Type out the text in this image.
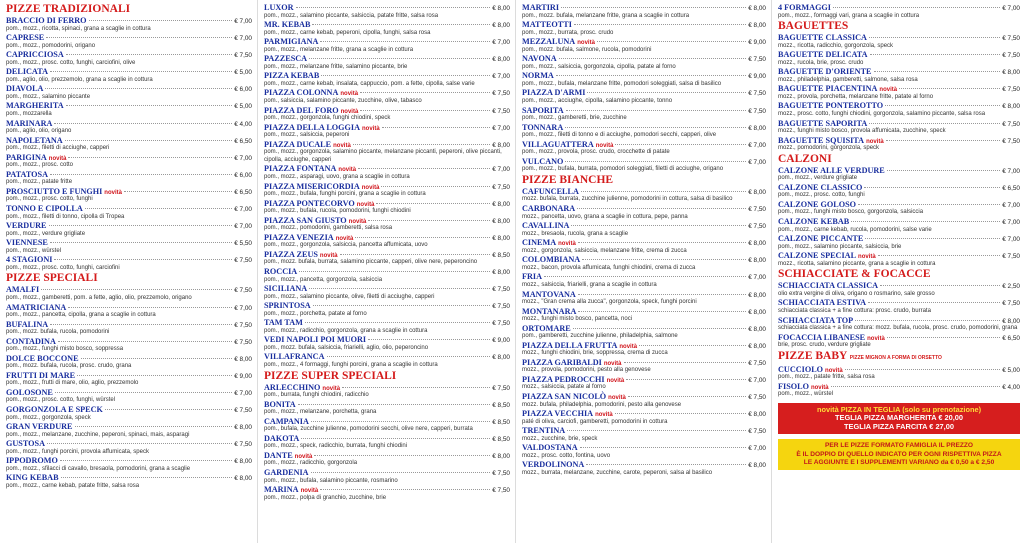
PIZZE TRADIZIONALI
BRACCIO DI FERRO	€ 7,00
pom., mozz., ricotta, spinaci, grana a scaglie in cottura
CAPRESE	€ 7,00
pom., mozz., pomodorini, origano
CAPRICCIOSA	€ 7,50
pom., mozz., prosc. cotto, funghi, carciofini, olive
DELICATA	€ 5,00
pom., aglio, olio, prezzemolo, grana a scaglie in cottura
DIAVOLA	€ 6,00
pom., mozz., salamino piccante
MARGHERITA	€ 5,00
pom., mozzarella
MARINARA	€ 4,00
pom., aglio, olio, origano
NAPOLETANA	€ 6,50
pom., mozz., filetti di acciughe, capperi
PARIGINA novità	€ 7,00
pom., mozz., prosc. cotto
PATATOSA	€ 6,00
pom., mozz., patate fritte
PROSCIUTTO E FUNGHI novità	€ 6,50
pom., mozz., prosc. cotto, funghi
TONNO E CIPOLLA	€ 7,00
pom., mozz., filetti di tonno, cipolla di Tropea
VERDURE	€ 7,00
pom., mozz., verdure grigliate
VIENNESE	€ 5,50
pom., mozz., würstel
4 STAGIONI	€ 7,50
pom., mozz., prosc. cotto, funghi, carciofini
PIZZE SPECIALI
AMALFI	€ 7,50
pom., mozz., gamberetti, pom. a fette, aglio, olio, prezzemolo, origano
AMATRICIANA	€ 7,00
pom., mozz., pancetta, cipolla, grana a scaglie in cottura
BUFALINA	€ 7,50
pom., mozz. bufala, rucola, pomodorini
CONTADINA	€ 7,50
pom., mozz., funghi misto bosco, soppressa
DOLCE BOCCONE	€ 8,00
pom., mozz. bufala, rucola, prosc. crudo, grana
FRUTTI DI MARE	€ 9,00
pom., mozz., frutti di mare, olio, aglio, prezzemolo
GOLOSONE	€ 7,00
pom., mozz., prosc. cotto, funghi, würstel
GORGONZOLA E SPECK	€ 7,50
pom., mozz., gorgonzola, speck
GRAN VERDURE	€ 8,00
pom., mozz., melanzane, zucchine, peperoni, spinaci, mais, asparagi
GUSTOSA	€ 7,50
pom., mozz., funghi porcini, provola affumicata, speck
IPPODROMO	€ 8,00
pom., mozz., sfilacci di cavallo, bresaola, pomodorini, grana a scaglie
KING KEBAB	€ 8,00
pom., mozz., carne kebab, patate fritte, salsa rosa
LUXOR	€ 8,00
pom., mozz., salamino piccante, salsiccia, patate fritte, salsa rosa
MR. KEBAB	€ 8,00
pom., mozz., carne kebab, peperoni, cipolla, funghi, salsa rosa
PARMIGIANA	€ 7,00
pom., mozz., melanzane fritte, grana a scaglie in cottura
PAZZESCA	€ 8,00
pom., mozz., melanzane fritte, salamino piccante, brie
PIZZA KEBAB	€ 7,00
pom., mozz., carne kebab, insalata, cappuccio, pom. a fette, cipolla, salse varie
PIAZZA COLONNA novità	€ 7,50
pom., salsiccia, salamino piccante, zucchine, olive, tabasco
PIAZZA DEL FORO novità	€ 7,50
pom., mozz., gorgonzola, funghi chiodini, speck
PIAZZA DELLA LOGGIA novità	€ 7,00
pom., mozz., salsiccia, peperoni
PIAZZA DUCALE novità	€ 8,00
pom., mozz., gorgonzola, salamino piccante, melanzane piccanti, peperoni, olive piccanti, cipolla, acciughe, capperi
PIAZZA FONTANA novità	€ 7,00
pom., mozz., asparagi, uovo, grana a scaglie in cottura
PIAZZA MISERICORDIA novità	€ 7,50
pom., mozz., bufala, funghi porcini, grana a scaglie in cottura
PIAZZA PONTECORVO novità	€ 8,00
pom., mozz., bufala, rucola, pomodorini, funghi chiodini
PIAZZA SAN GIUSTO novità	€ 8,00
pom., mozz., pomodorini, gamberetti, salsa rosa
PIAZZA VENEZIA novità	€ 8,00
pom., mozz., gorgonzola, salsiccia, pancetta affumicata, uovo
PIAZZA ZEUS novità	€ 8,50
pom., mozz. bufala, burrata, salamino piccante, capperi, olive nere, peperoncino
ROCCIA	€ 8,00
pom., mozz., pancetta, gorgonzola, salsiccia
SICILIANA	€ 7,50
pom., mozz., salamino piccante, olive, filetti di acciughe, capperi
SPRINTOSA	€ 7,50
pom., mozz., porchetta, patate al forno
TAM TAM	€ 7,50
pom., mozz., radicchio, gorgonzola, grana a scaglie in cottura
VEDI NAPOLI POI MUORI	€ 9,00
pom., mozz. bufala, salsiccia, friarielli, aglio, olio, peperoncino
VILLAFRANCA	€ 8,00
pom., mozz., 4 formaggi, funghi porcini, grana a scaglie in cottura
PIZZE SUPER SPECIALI
ARLECCHINO novità	€ 7,50
pom., burrata, funghi chiodini, radicchio
BONITA	€ 8,50
pom., mozz., melanzane, porchetta, grana
CAMPANIA	€ 8,50
pom., bufala, zucchine julienne, pomodorini secchi, olive nere, capperi, burrata
DAKOTA	€ 8,50
pom., mozz., speck, radicchio, burrata, funghi chiodini
DANTE novità	€ 8,00
pom., mozz., radicchio, gorgonzola
GARDENIA	€ 7,50
pom., mozz., bufala, salamino piccante, rosmarino
MARINA novità	€ 7,50
pom., mozz., polpa di granchio, zucchine, brie
MARTIRI	€ 8,00
pom., mozz. bufala, melanzane fritte, grana a scaglie in cottura
MATTEOTTI	€ 8,00
pom., mozz., burrata, prosc. crudo
MEZZALUNA novità	€ 9,00
pom., mozz. bufala, salmone, rucola, pomodorini
NAVONA	€ 7,50
pom., mozz., salsiccia, gorgonzola, cipolla, patate al forno
NORMA	€ 9,00
pom., mozz., bufala, melanzane fritte, pomodori soleggiati, salsa di basilico
PIAZZA D'ARMI	€ 7,50
pom., mozz., acciughe, cipolla, salamino piccante, tonno
SAPORITA	€ 7,50
pom., mozz., gamberetti, brie, zucchine
TONNARA	€ 8,00
pom., mozz., filetti di tonno e di acciughe, pomodori secchi, capperi, olive
VILLAGUATTERA novità	€ 7,00
pom., mozz., provola, prosc. crudo, crocchette di patate
VULCANO	€ 7,00
pom., mozz., bufala, burrata, pomodori soleggiati, filetti di acciughe, origano
PIZZE BIANCHE
CAFUNCELLA	€ 8,00
mozz. bufala, burrata, zucchine julienne, pomodorini in cottura, salsa di basilico
CARBONARA	€ 7,50
mozz., pancetta, uovo, grana a scaglie in cottura, pepe, panna
CAVALLINA	€ 7,50
mozz., bresaola, rucola, grana a scaglie
CINEMA novità	€ 8,00
mozz., gorgonzola, salsiccia, melanzane fritte, crema di zucca
COLOMBIANA	€ 8,00
mozz., bacon, provola affumicata, funghi chiodini, crema di zucca
FRIA	€ 7,00
mozz., salsiccia, friarielli, grana a scaglie in cottura
MANTOVANA	€ 8,00
mozz., "Gran crema alla zucca", gorgonzola, speck, funghi porcini
MONTANARA	€ 8,00
mozz., funghi misto bosco, pancetta, noci
ORTOMARE	€ 8,00
pom., gamberetti, zucchine julienne, philadelphia, salmone
PIAZZA DELLA FRUTTA novità	€ 8,00
mozz., funghi chiodini, brie, soppressa, crema di zucca
PIAZZA GARIBALDI novità	€ 7,50
mozz., provola, pomodorini, pesto alla genovese
PIAZZA PEDROCCHI novità	€ 7,00
mozz., salsiccia, patate al forno
PIAZZA SAN NICOLÒ novità	€ 7,50
mozz. bufala, philadelphia, pomodorini, pesto alla genovese
PIAZZA VECCHIA novità	€ 8,00
paté di oliva, carciofi, gamberetti, pomodorini in cottura
TRENTINA	€ 7,50
mozz., zucchine, brie, speck
VALDOSTANA	€ 7,00
mozz., prosc. cotto, fontina, uovo
VERDOLINONA	€ 8,00
mozz., burrata, melanzane, zucchine, carote, peperoni, salsa al basilico
4 FORMAGGI	€ 7,00
pom., mozz., formaggi vari, grana a scaglie in cottura
BAGUETTES
BAGUETTE CLASSICA	€ 7,50
mozz., ricotta, radicchio, gorgonzola, speck
BAGUETTE DELICATA	€ 7,50
mozz., rucola, brie, prosc. crudo
BAGUETTE D'ORIENTE	€ 8,00
mozz., philadelphia, gamberetti, salmone, salsa rosa
BAGUETTE PIACENTINA novità	€ 7,50
mozz., provola, porchetta, melanzane fritte, patate al forno
BAGUETTE PONTEROTTO	€ 8,00
mozz., prosc. cotto, funghi chiodini, gorgonzola, salamino piccante, salsa rosa
BAGUETTE SAPORITA	€ 7,50
mozz., funghi misto bosco, provola affumicata, zucchine, speck
BAGUETTE SQUISITA novità	€ 7,50
mozz., pomodorini, gorgonzola, speck
CALZONI
CALZONE ALLE VERDURE	€ 7,00
pom., mozz., verdure grigliate
CALZONE CLASSICO	€ 6,50
pom., mozz., prosc. cotto, funghi
CALZONE GOLOSO	€ 7,00
pom., mozz., funghi misto bosco, gorgonzola, salsiccia
CALZONE KEBAB	€ 7,00
pom., mozz., carne kebab, rucola, pomodorini, salse varie
CALZONE PICCANTE	€ 7,00
pom., mozz., salamino piccante, salsiccia, brie
CALZONE SPECIAL novità	€ 7,50
mozz., ricotta, salamino piccante, grana a scaglie in cottura
SCHIACCIATE & FOCACCE
SCHIACCIATA CLASSICA	€ 2,50
olio extra vergine di oliva, origano o rosmarino, sale grosso
SCHIACCIATA ESTIVA	€ 7,50
schiacciata classica + a fine cottura: prosc. crudo, burrata
SCHIACCIATA TOP	€ 8,00
schiacciata classica + a fine cottura: mozz. bufala, rucola, prosc. crudo, pomodorini, grana
FOCACCIA LIBANESE novità	€ 6,50
brie, prosc. crudo, verdure grigliate
PIZZE BABY PIZZE MIGNON A FORMA DI ORSETTO
CUCCIOLO novità	€ 5,00
pom., mozz., patate fritte, salsa rosa
FISOLO novità	€ 4,00
pom., mozz., würstel
novità PIZZA IN TEGLIA (solo su prenotazione)
TEGLIA PIZZA MARGHERITA € 20,00
TEGLIA PIZZA FARCITA € 27,00
PER LE PIZZE FORMATO FAMIGLIA IL PREZZO
È IL DOPPIO DI QUELLO INDICATO PER OGNI RISPETTIVA PIZZA
LE AGGIUNTE E I SUPPLEMENTI VARIANO da € 0,50 a € 2,50
